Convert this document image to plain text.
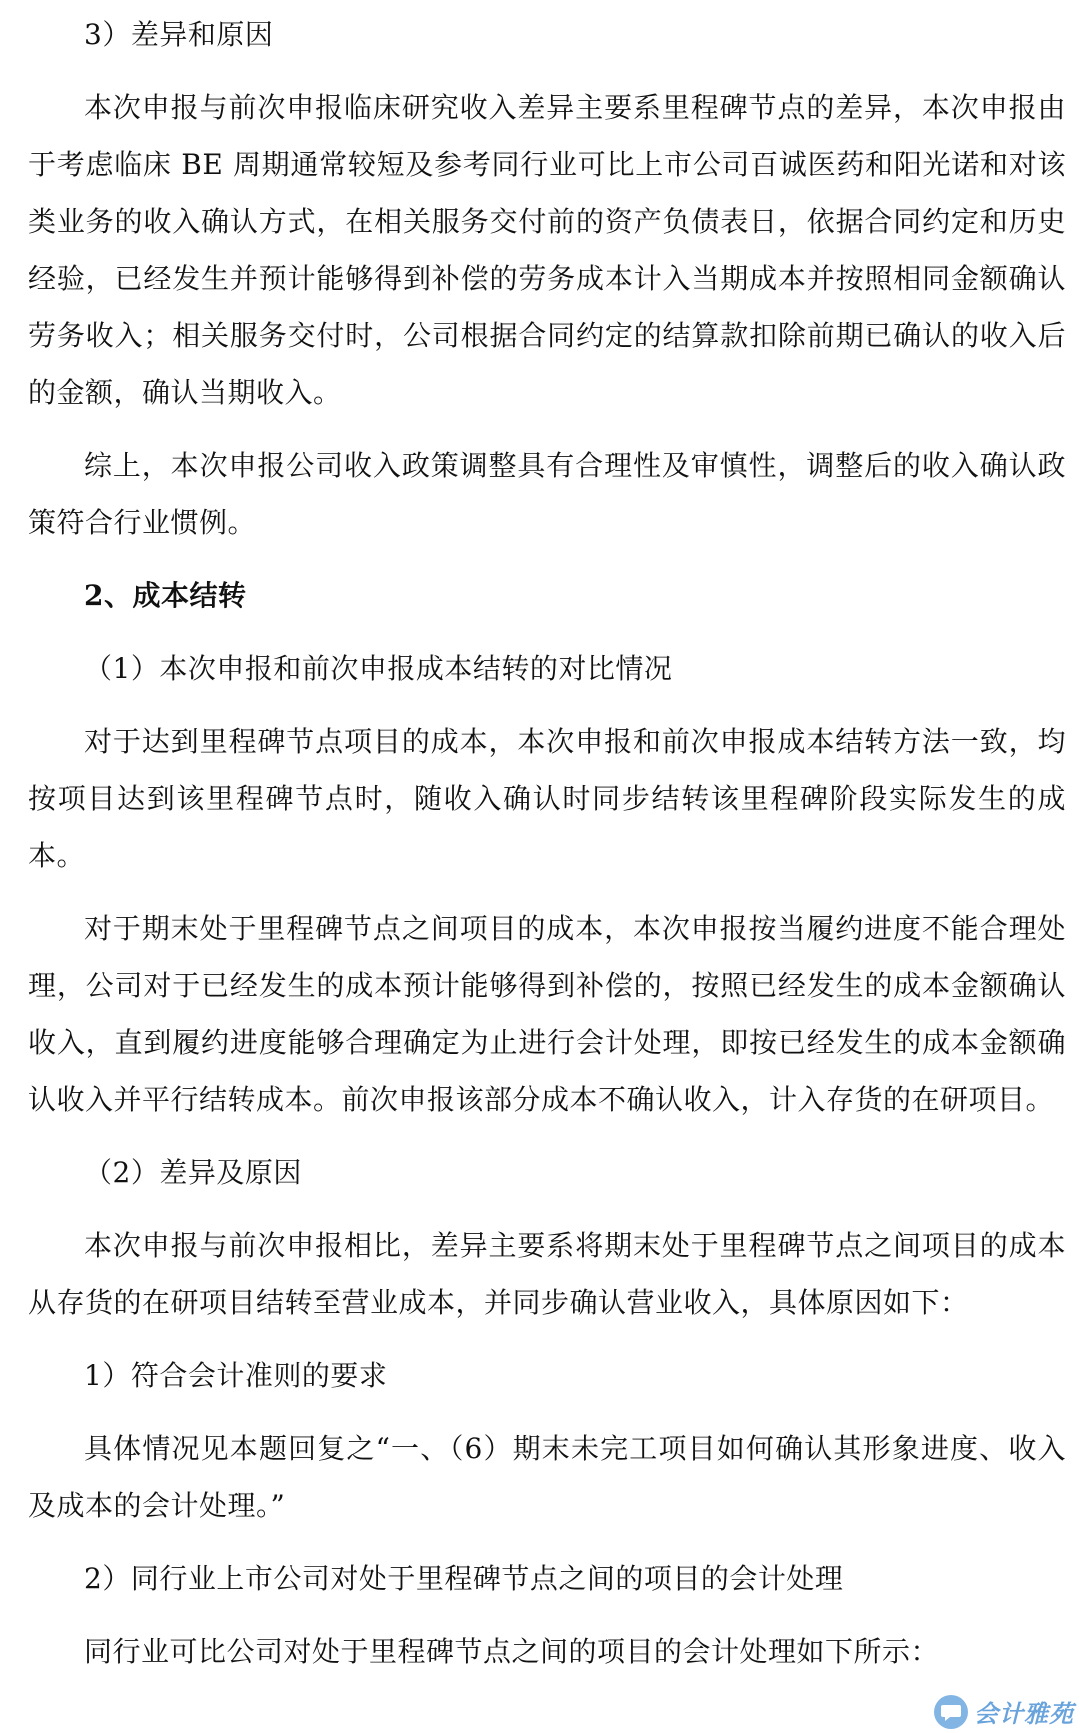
3）差异和原因

本次申报与前次申报临床研究收入差异主要系里程碑节点的差异，本次申报由于考虑临床 BE 周期通常较短及参考同行业可比上市公司百诚医药和阳光诺和对该类业务的收入确认方式，在相关服务交付前的资产负债表日，依据合同约定和历史经验，已经发生并预计能够得到补偿的劳务成本计入当期成本并按照相同金额确认劳务收入；相关服务交付时，公司根据合同约定的结算款扣除前期已确认的收入后的金额，确认当期收入。

综上，本次申报公司收入政策调整具有合理性及审慎性，调整后的收入确认政策符合行业惯例。

2、成本结转

（1）本次申报和前次申报成本结转的对比情况

对于达到里程碑节点项目的成本，本次申报和前次申报成本结转方法一致，均按项目达到该里程碑节点时，随收入确认时同步结转该里程碑阶段实际发生的成本。

对于期末处于里程碑节点之间项目的成本，本次申报按当履约进度不能合理处理，公司对于已经发生的成本预计能够得到补偿的，按照已经发生的成本金额确认收入，直到履约进度能够合理确定为止进行会计处理，即按已经发生的成本金额确认收入并平行结转成本。前次申报该部分成本不确认收入，计入存货的在研项目。

（2）差异及原因

本次申报与前次申报相比，差异主要系将期末处于里程碑节点之间项目的成本从存货的在研项目结转至营业成本，并同步确认营业收入，具体原因如下：

1）符合会计准则的要求

具体情况见本题回复之“一、（6）期末未完工项目如何确认其形象进度、收入及成本的会计处理。”

2）同行业上市公司对处于里程碑节点之间的项目的会计处理

同行业可比公司对处于里程碑节点之间的项目的会计处理如下所示：

会计雅苑
